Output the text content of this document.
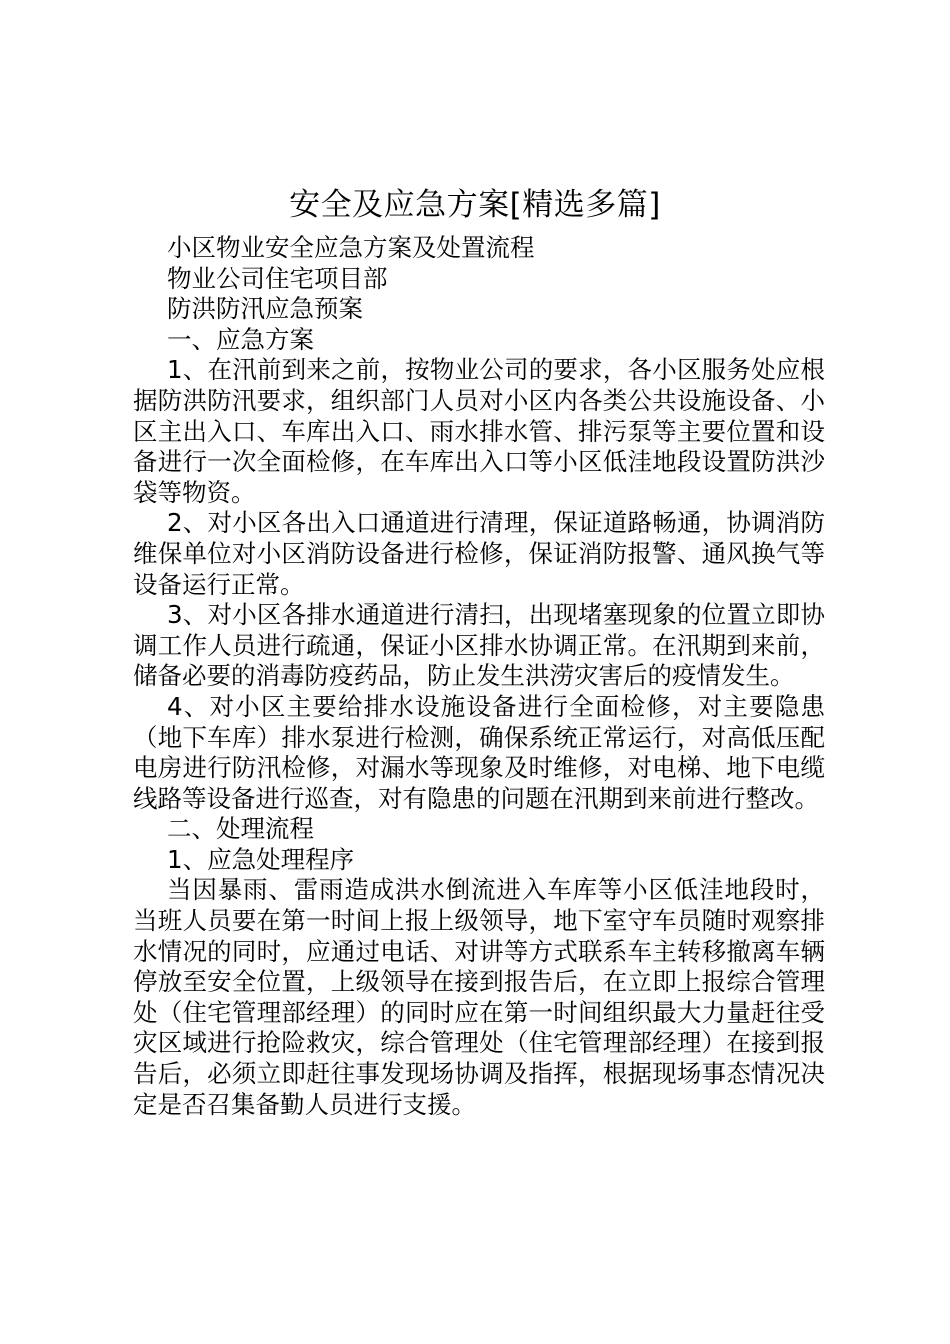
安全及应急方案[精选多篇]

小区物业安全应急方案及处置流程

物业公司住宅项目部

防洪防汛应急预案

一、应急方案

1、在汛前到来之前，按物业公司的要求，各小区服务处应根据防洪防汛要求，组织部门人员对小区内各类公共设施设备、小区主出入口、车库出入口、雨水排水管、排污泵等主要位置和设备进行一次全面检修，在车库出入口等小区低洼地段设置防洪沙袋等物资。

2、对小区各出入口通道进行清理，保证道路畅通，协调消防维保单位对小区消防设备进行检修，保证消防报警、通风换气等设备运行正常。

3、对小区各排水通道进行清扫，出现堵塞现象的位置立即协调工作人员进行疏通，保证小区排水协调正常。在汛期到来前，储备必要的消毒防疫药品，防止发生洪涝灾害后的疫情发生。

4、对小区主要给排水设施设备进行全面检修，对主要隐患（地下车库）排水泵进行检测，确保系统正常运行，对高低压配电房进行防汛检修，对漏水等现象及时维修，对电梯、地下电缆线路等设备进行巡查，对有隐患的问题在汛期到来前进行整改。

二、处理流程

1、应急处理程序

当因暴雨、雷雨造成洪水倒流进入车库等小区低洼地段时，当班人员要在第一时间上报上级领导，地下室守车员随时观察排水情况的同时，应通过电话、对讲等方式联系车主转移撤离车辆停放至安全位置，上级领导在接到报告后，在立即上报综合管理处（住宅管理部经理）的同时应在第一时间组织最大力量赶往受灾区域进行抢险救灾，综合管理处（住宅管理部经理）在接到报告后，必须立即赶往事发现场协调及指挥，根据现场事态情况决定是否召集备勤人员进行支援。
